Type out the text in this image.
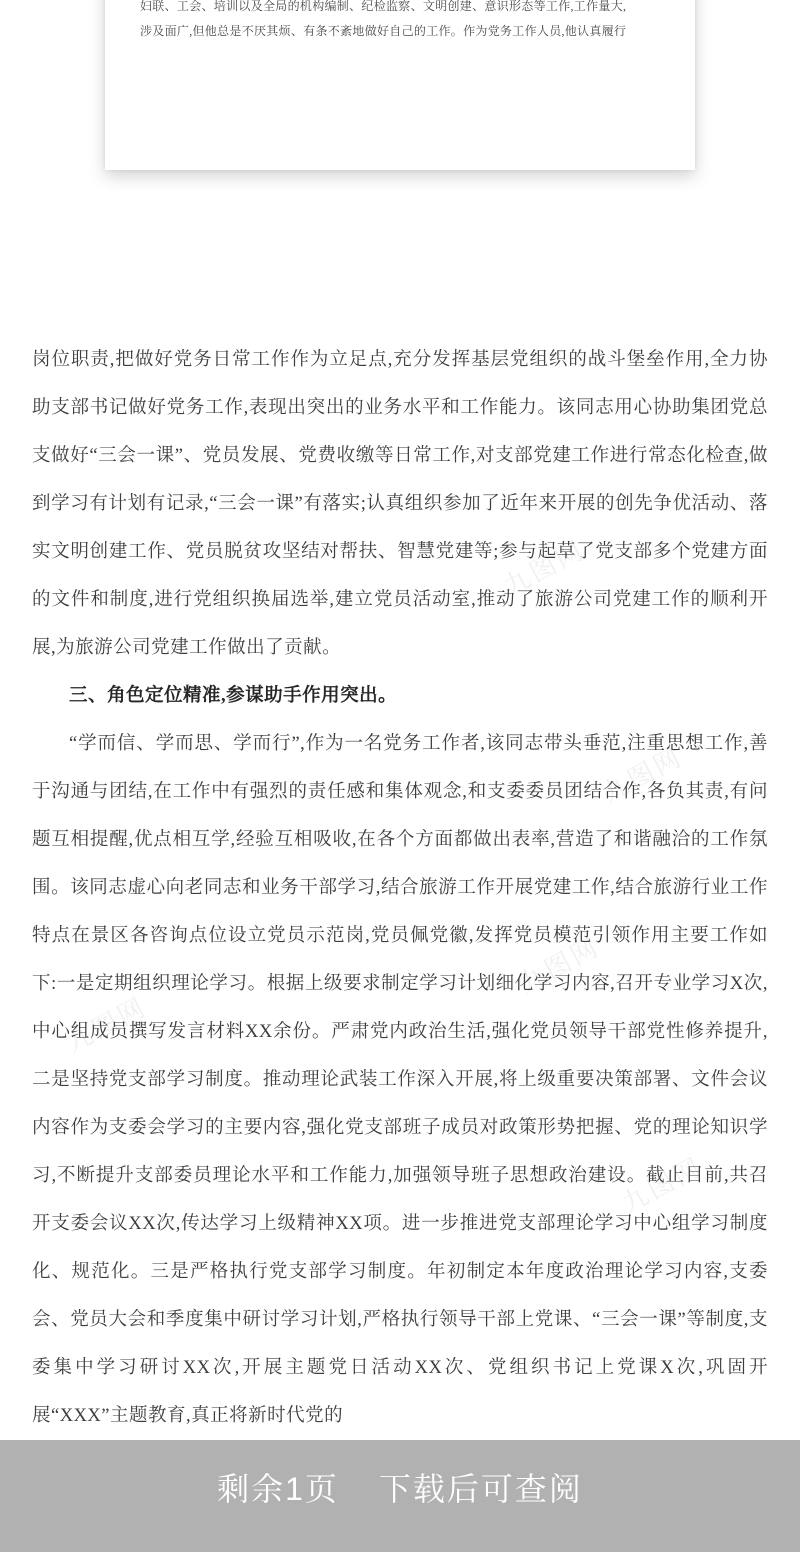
妇联、工会、培训以及全局的机构编制、纪检监察、文明创建、意识形态等工作,工作量大,

涉及面广,但他总是不厌其烦、有条不紊地做好自己的工作。作为党务工作人员,他认真履行

岗位职责,把做好党务日常工作作为立足点,充分发挥基层党组织的战斗堡垒作用,全力协助支部书记做好党务工作,表现出突出的业务水平和工作能力。该同志用心协助集团党总支做好“三会一课”、党员发展、党费收缴等日常工作,对支部党建工作进行常态化检查,做到学习有计划有记录,“三会一课”有落实;认真组织参加了近年来开展的创先争优活动、落实文明创建工作、党员脱贫攻坚结对帮扶、智慧党建等;参与起草了党支部多个党建方面的文件和制度,进行党组织换届选举,建立党员活动室,推动了旅游公司党建工作的顺利开展,为旅游公司党建工作做出了贡献。

三、角色定位精准,参谋助手作用突出。

“学而信、学而思、学而行”,作为一名党务工作者,该同志带头垂范,注重思想工作,善于沟通与团结,在工作中有强烈的责任感和集体观念,和支委委员团结合作,各负其责,有问题互相提醒,优点相互学,经验互相吸收,在各个方面都做出表率,营造了和谐融洽的工作氛围。该同志虚心向老同志和业务干部学习,结合旅游工作开展党建工作,结合旅游行业工作特点在景区各咨询点位设立党员示范岗,党员佩党徽,发挥党员模范引领作用主要工作如下:一是定期组织理论学习。根据上级要求制定学习计划细化学习内容,召开专业学习X次,中心组成员撰写发言材料XX余份。严肃党内政治生活,强化党员领导干部党性修养提升,二是坚持党支部学习制度。推动理论武装工作深入开展,将上级重要决策部署、文件会议内容作为支委会学习的主要内容,强化党支部班子成员对政策形势把握、党的理论知识学习,不断提升支部委员理论水平和工作能力,加强领导班子思想政治建设。截止目前,共召开支委会议XX次,传达学习上级精神XX项。进一步推进党支部理论学习中心组学习制度化、规范化。三是严格执行党支部学习制度。年初制定本年度政治理论学习内容,支委会、党员大会和季度集中研讨学习计划,严格执行领导干部上党课、“三会一课”等制度,支委集中学习研讨XX次,开展主题党日活动XX次、党组织书记上党课X次,巩固开展“XXX”主题教育,真正将新时代党的

九图网
九图网
九图网
九图网
九图网
剩余1页 下载后可查阅
